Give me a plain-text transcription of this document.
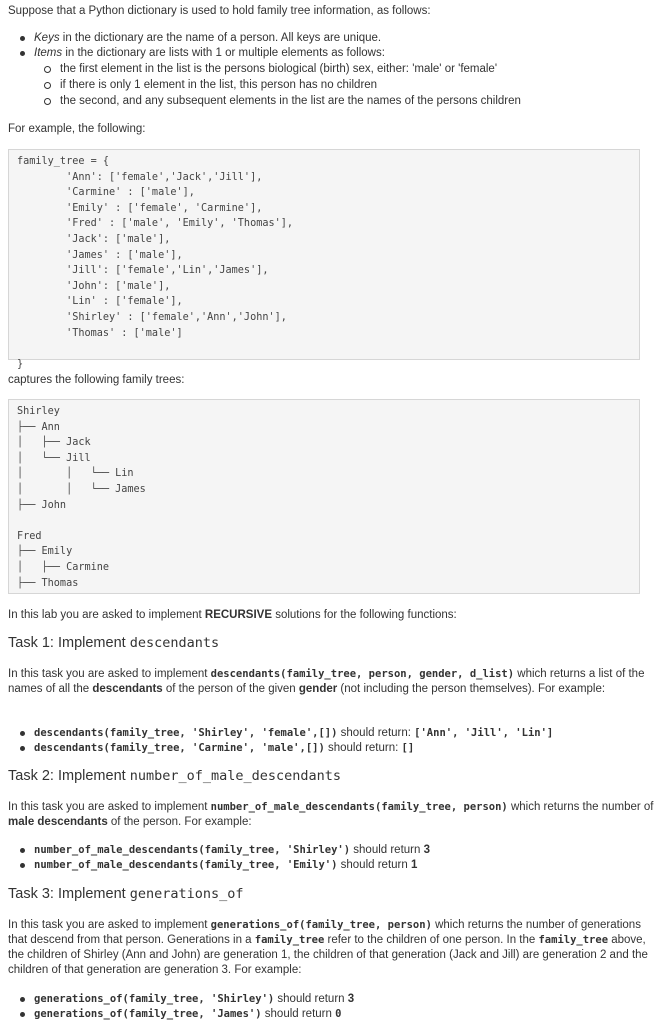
Suppose that a Python dictionary is used to hold family tree information, as follows:
Keys in the dictionary are the name of a person. All keys are unique.
Items in the dictionary are lists with 1 or multiple elements as follows:
the first element in the list is the persons biological (birth) sex, either: 'male' or 'female'
if there is only 1 element in the list, this person has no children
the second, and any subsequent elements in the list are the names of the persons children
For example, the following:
family_tree = {
'Ann': ['female','Jack','Jill'],
'Carmine' : ['male'],
'Emily' : ['female', 'Carmine'],
'Fred' : ['male', 'Emily', 'Thomas'],
'Jack': ['male'],
'James' : ['male'],
'Jill': ['female','Lin','James'],
'John': ['male'],
'Lin' : ['female'],
'Shirley' : ['female','Ann','John'],
'Thomas' : ['male']

}
captures the following family trees:
Shirley
├── Ann
│   ├── Jack
│   └── Jill
│       │   └── Lin
│       │   └── James
├── John

Fred
├── Emily
│   ├── Carmine
├── Thomas
In this lab you are asked to implement RECURSIVE solutions for the following functions:
Task 1: Implement descendants
In this task you are asked to implement descendants(family_tree, person, gender, d_list) which returns a list of the names of all the descendants of the person of the given gender (not including the person themselves). For example:
descendants(family_tree, 'Shirley', 'female',[]) should return: ['Ann', 'Jill', 'Lin']
descendants(family_tree, 'Carmine', 'male',[]) should return: []
Task 2: Implement number_of_male_descendants
In this task you are asked to implement number_of_male_descendants(family_tree, person) which returns the number of male descendants of the person. For example:
number_of_male_descendants(family_tree, 'Shirley') should return 3
number_of_male_descendants(family_tree, 'Emily') should return 1
Task 3: Implement generations_of
In this task you are asked to implement generations_of(family_tree, person) which returns the number of generations that descend from that person. Generations in a family_tree refer to the children of one person. In the family_tree above, the children of Shirley (Ann and John) are generation 1, the children of that generation (Jack and Jill) are generation 2 and the children of that generation are generation 3. For example:
generations_of(family_tree, 'Shirley') should return 3
generations_of(family_tree, 'James') should return 0
